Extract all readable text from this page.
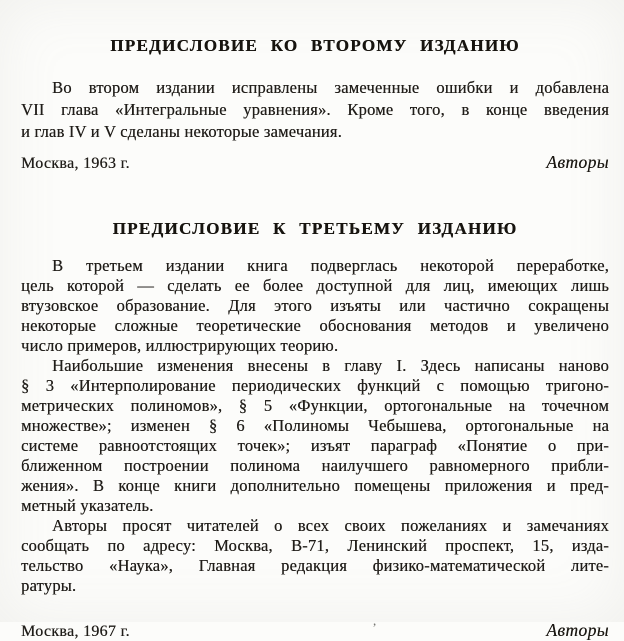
ПРЕДИСЛОВИЕ КО ВТОРОМУ ИЗДАНИЮ
Во втором издании исправлены замеченные ошибки и добавлена
VII глава «Интегральные уравнения». Кроме того, в конце введения
и глав IV и V сделаны некоторые замечания.
Москва, 1963 г.	Авторы
ПРЕДИСЛОВИЕ К ТРЕТЬЕМУ ИЗДАНИЮ
В третьем издании книга подверглась некоторой переработке,
цель которой — сделать ее более доступной для лиц, имеющих лишь
втузовское образование. Для этого изъяты или частично сокращены
некоторые сложные теоретические обоснования методов и увеличено
число примеров, иллюстрирующих теорию.
Наибольшие изменения внесены в главу I. Здесь написаны наново
§ 3 «Интерполирование периодических функций с помощью тригоно-
метрических полиномов», § 5 «Функции, ортогональные на точечном
множестве»; изменен § 6 «Полиномы Чебышева, ортогональные на
системе равноотстоящих точек»; изъят параграф «Понятие о при-
ближенном построении полинома наилучшего равномерного прибли-
жения». В конце книги дополнительно помещены приложения и пред-
метный указатель.
Авторы просят читателей о всех своих пожеланиях и замечаниях
сообщать по адресу: Москва, В-71, Ленинский проспект, 15, изда-
тельство «Наука», Главная редакция физико-математической лите-
ратуры.
Москва, 1967 г.
,	Авторы
